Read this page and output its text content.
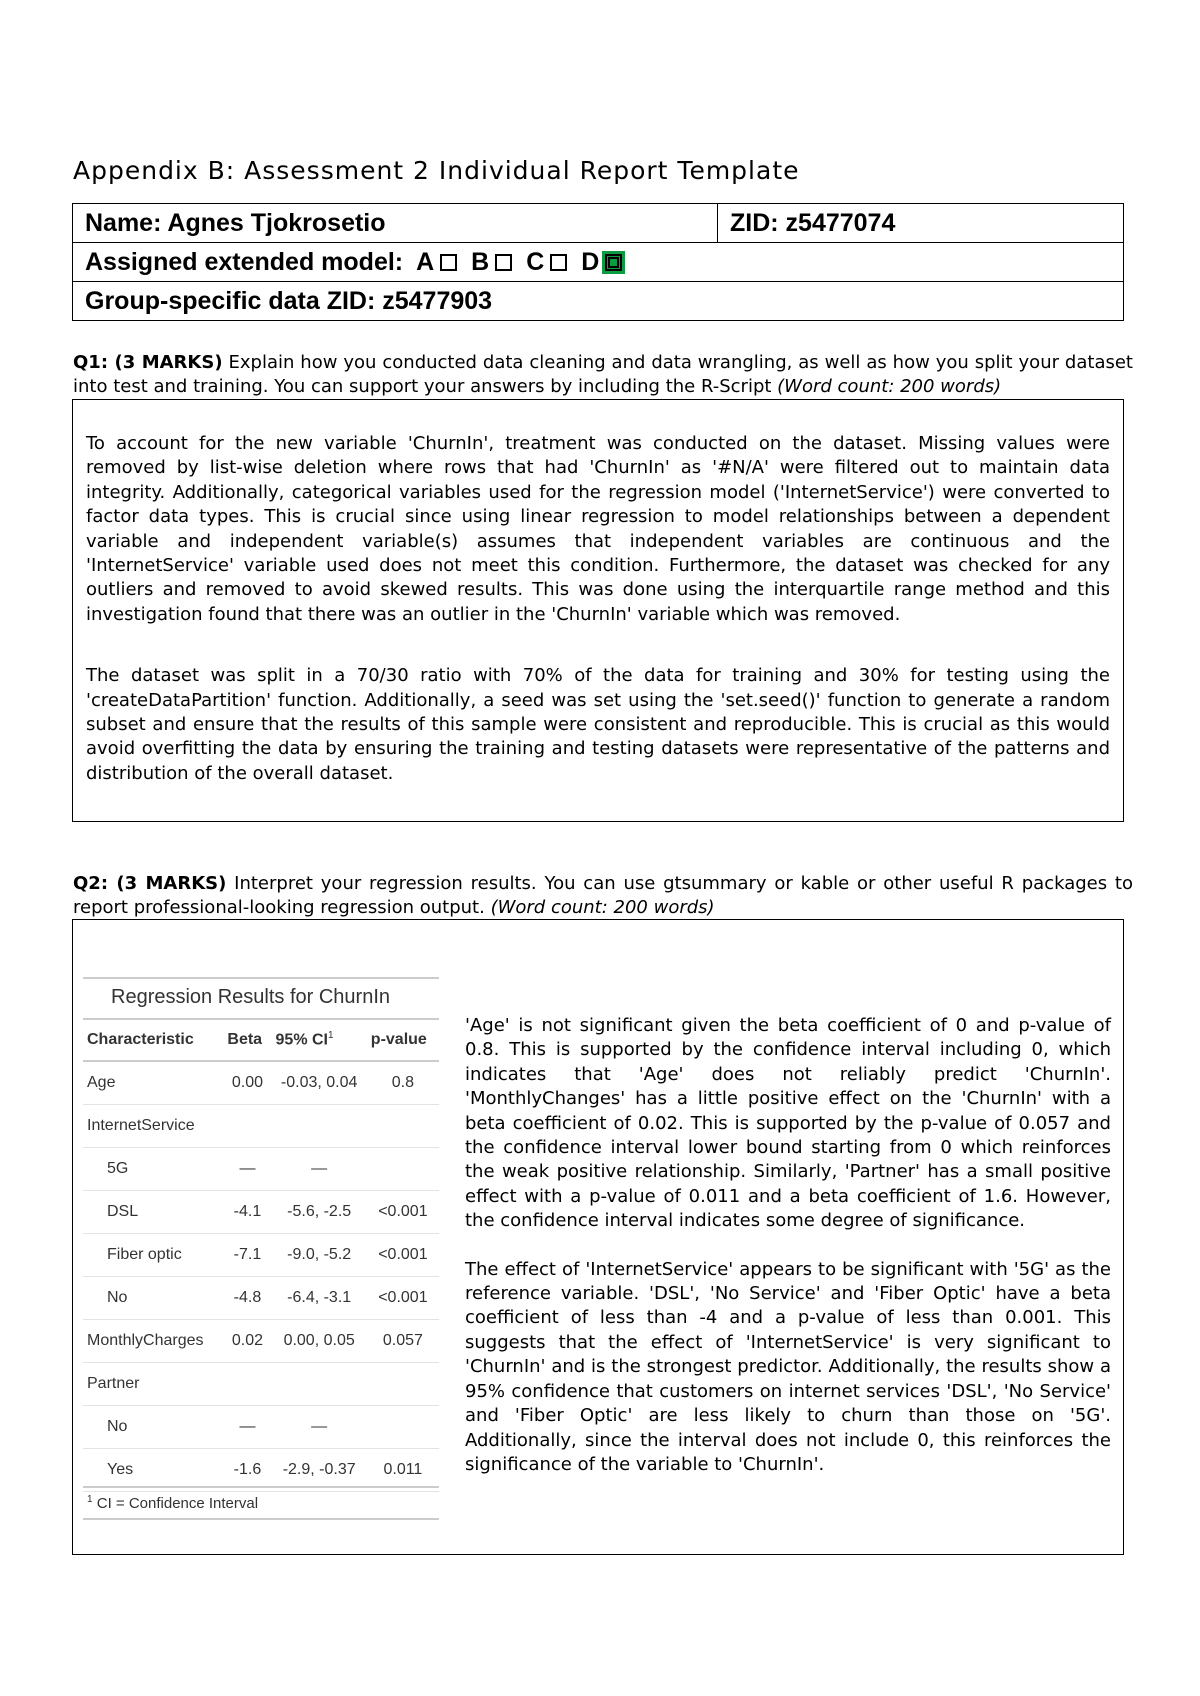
Appendix B: Assessment 2 Individual Report Template
Name: Agnes Tjokrosetio	ZID: z5477074
Assigned extended model: A B C D
Group-specific data ZID: z5477903
Q1: (3 MARKS) Explain how you conducted data cleaning and data wrangling, as well as how you split your dataset into test and training. You can support your answers by including the R-Script (Word count: 200 words)

To account for the new variable 'ChurnIn', treatment was conducted on the dataset. Missing values were removed by list-wise deletion where rows that had 'ChurnIn' as '#N/A' were filtered out to maintain data integrity. Additionally, categorical variables used for the regression model ('InternetService') were converted to factor data types. This is crucial since using linear regression to model relationships between a dependent variable and independent variable(s) assumes that independent variables are continuous and the 'InternetService' variable used does not meet this condition. Furthermore, the dataset was checked for any outliers and removed to avoid skewed results. This was done using the interquartile range method and this investigation found that there was an outlier in the 'ChurnIn' variable which was removed.

The dataset was split in a 70/30 ratio with 70% of the data for training and 30% for testing using the 'createDataPartition' function. Additionally, a seed was set using the 'set.seed()' function to generate a random subset and ensure that the results of this sample were consistent and reproducible. This is crucial as this would avoid overfitting the data by ensuring the training and testing datasets were representative of the patterns and distribution of the overall dataset.

Q2: (3 MARKS) Interpret your regression results. You can use gtsummary or kable or other useful R packages to report professional-looking regression output. (Word count: 200 words)
Regression Results for ChurnIn
Characteristic	Beta	95% $CI^1$	p-value
Age	0.00	-0.03, 0.04	0.8
InternetService			
5G	—	—	
DSL	-4.1	-5.6, -2.5	<0.001
Fiber optic	-7.1	-9.0, -5.2	<0.001
No	-4.8	-6.4, -3.1	<0.001
MonthlyCharges	0.02	0.00, 0.05	0.057
Partner			
No	—	—	
Yes	-1.6	-2.9, -0.37	0.011
$^1$ CI = Confidence Interval

'Age' is not significant given the beta coefficient of 0 and p-value of 0.8. This is supported by the confidence interval including 0, which indicates that 'Age' does not reliably predict 'ChurnIn'. 'MonthlyChanges' has a little positive effect on the 'ChurnIn' with a beta coefficient of 0.02. This is supported by the p-value of 0.057 and the confidence interval lower bound starting from 0 which reinforces the weak positive relationship. Similarly, 'Partner' has a small positive effect with a p-value of 0.011 and a beta coefficient of 1.6. However, the confidence interval indicates some degree of significance.

The effect of 'InternetService' appears to be significant with '5G' as the reference variable. 'DSL', 'No Service' and 'Fiber Optic' have a beta coefficient of less than -4 and a p-value of less than 0.001. This suggests that the effect of 'InternetService' is very significant to 'ChurnIn' and is the strongest predictor. Additionally, the results show a 95% confidence that customers on internet services 'DSL', 'No Service' and 'Fiber Optic' are less likely to churn than those on '5G'. Additionally, since the interval does not include 0, this reinforces the significance of the variable to 'ChurnIn'.
